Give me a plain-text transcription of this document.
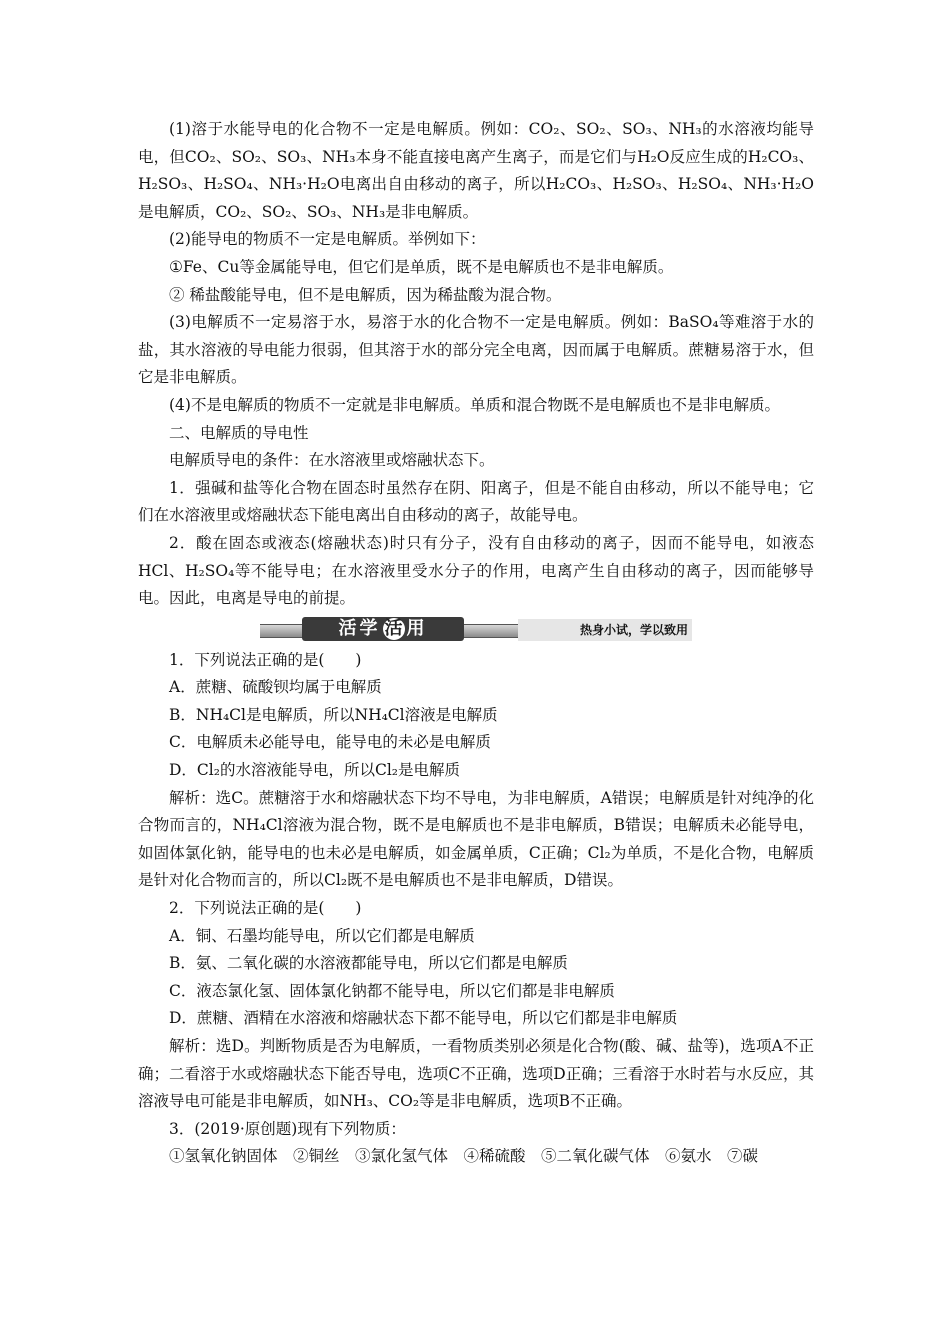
(1)溶于水能导电的化合物不一定是电解质。例如：CO₂、SO₂、SO₃、NH₃的水溶液均能导电，但CO₂、SO₂、SO₃、NH₃本身不能直接电离产生离子，而是它们与H₂O反应生成的H₂CO₃、H₂SO₃、H₂SO₄、NH₃·H₂O电离出自由移动的离子，所以H₂CO₃、H₂SO₃、H₂SO₄、NH₃·H₂O是电解质，CO₂、SO₂、SO₃、NH₃是非电解质。

(2)能导电的物质不一定是电解质。举例如下：

①Fe、Cu等金属能导电，但它们是单质，既不是电解质也不是非电解质。

② 稀盐酸能导电，但不是电解质，因为稀盐酸为混合物。

(3)电解质不一定易溶于水，易溶于水的化合物不一定是电解质。例如：BaSO₄等难溶于水的盐，其水溶液的导电能力很弱，但其溶于水的部分完全电离，因而属于电解质。蔗糖易溶于水，但它是非电解质。

(4)不是电解质的物质不一定就是非电解质。单质和混合物既不是电解质也不是非电解质。

二、电解质的导电性

电解质导电的条件：在水溶液里或熔融状态下。

1．强碱和盐等化合物在固态时虽然存在阴、阳离子，但是不能自由移动，所以不能导电；它们在水溶液里或熔融状态下能电离出自由移动的离子，故能导电。

2．酸在固态或液态(熔融状态)时只有分子，没有自由移动的离子，因而不能导电，如液态HCl、H₂SO₄等不能导电；在水溶液里受水分子的作用，电离产生自由移动的离子，因而能够导电。因此，电离是导电的前提。

活学 活 用	热身小试，学以致用

1．下列说法正确的是(　　)

A．蔗糖、硫酸钡均属于电解质

B．NH₄Cl是电解质，所以NH₄Cl溶液是电解质

C．电解质未必能导电，能导电的未必是电解质

D．Cl₂的水溶液能导电，所以Cl₂是电解质

解析：选C。蔗糖溶于水和熔融状态下均不导电，为非电解质，A错误；电解质是针对纯净的化合物而言的，NH₄Cl溶液为混合物，既不是电解质也不是非电解质，B错误；电解质未必能导电，如固体氯化钠，能导电的也未必是电解质，如金属单质，C正确；Cl₂为单质，不是化合物，电解质是针对化合物而言的，所以Cl₂既不是电解质也不是非电解质，D错误。

2．下列说法正确的是(　　)

A．铜、石墨均能导电，所以它们都是电解质

B．氨、二氧化碳的水溶液都能导电，所以它们都是电解质

C．液态氯化氢、固体氯化钠都不能导电，所以它们都是非电解质

D．蔗糖、酒精在水溶液和熔融状态下都不能导电，所以它们都是非电解质

解析：选D。判断物质是否为电解质，一看物质类别必须是化合物(酸、碱、盐等)，选项A不正确；二看溶于水或熔融状态下能否导电，选项C不正确，选项D正确；三看溶于水时若与水反应，其溶液导电可能是非电解质，如NH₃、CO₂等是非电解质，选项B不正确。

3．(2019·原创题)现有下列物质：

①氢氧化钠固体　②铜丝　③氯化氢气体　④稀硫酸　⑤二氧化碳气体　⑥氨水　⑦碳
